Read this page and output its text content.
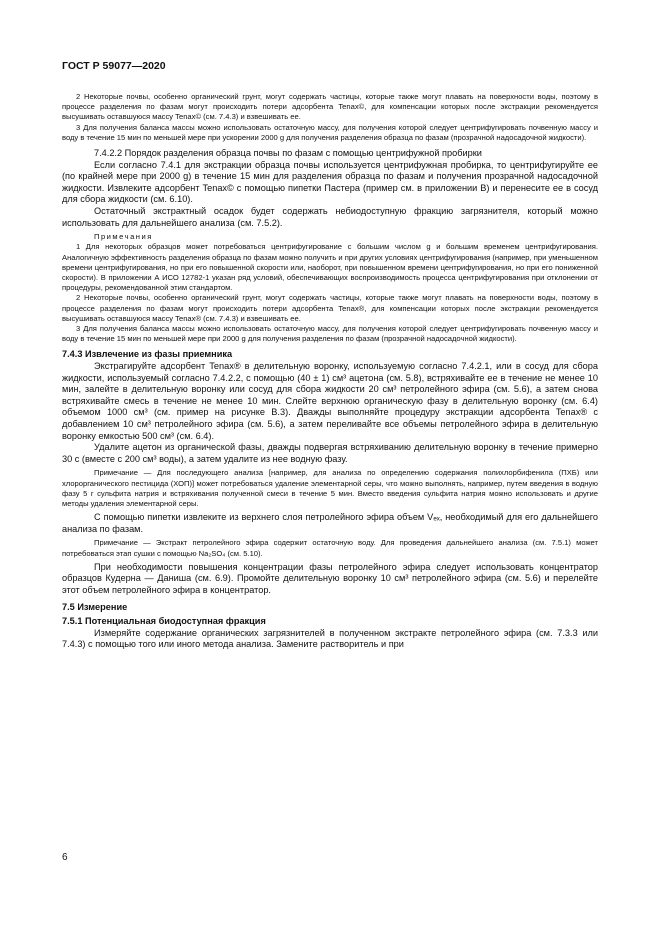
ГОСТ Р 59077—2020

2 Некоторые почвы, особенно органический грунт, могут содержать частицы, которые также могут плавать на поверхности воды, поэтому в процессе разделения по фазам могут происходить потери адсорбента Tenax©, для компенсации которых после экстракции рекомендуется высушивать оставшуюся массу Tenax© (см. 7.4.3) и взвешивать ее.

3 Для получения баланса массы можно использовать остаточную массу, для получения которой следует центрифугировать почвенную массу и воду в течение 15 мин по меньшей мере при ускорении 2000 g для получения разделения образца по фазам (прозрачной надосадочной жидкости).

7.4.2.2 Порядок разделения образца почвы по фазам с помощью центрифужной пробирки

Если согласно 7.4.1 для экстракции образца почвы используется центрифужная пробирка, то центрифугируйте ее (по крайней мере при 2000 g) в течение 15 мин для разделения образца по фазам и получения прозрачной надосадочной жидкости. Извлеките адсорбент Tenax© с помощью пипетки Пастера (пример см. в приложении В) и перенесите ее в сосуд для сбора жидкости (см. 6.10).

Остаточный экстрактный осадок будет содержать небиодоступную фракцию загрязнителя, который можно использовать для дальнейшего анализа (см. 7.5.2).

Примечания

1 Для некоторых образцов может потребоваться центрифугирование с большим числом g и большим временем центрифугирования. Аналогичную эффективность разделения образца по фазам можно получить и при других условиях центрифугирования (например, при уменьшенном времени центрифугирования, но при его повышенной скорости или, наоборот, при повышенном времени центрифугирования, но при его пониженной скорости). В приложении А ИСО 12782-1 указан ряд условий, обеспечивающих воспроизводимость процесса центрифугирования при отклонении от процедуры, рекомендованной этим стандартом.

2 Некоторые почвы, особенно органический грунт, могут содержать частицы, которые также могут плавать на поверхности воды, поэтому в процессе разделения по фазам могут происходить потери адсорбента Tenax®, для компенсации которых после экстракции рекомендуется высушивать оставшуюся массу Tenax® (см. 7.4.3) и взвешивать ее.

3 Для получения баланса массы можно использовать остаточную массу, для получения которой следует центрифугировать почвенную массу и воду в течение 15 мин по меньшей мере при 2000 g для получения разделения по фазам (прозрачной надосадочной жидкости).

7.4.3 Извлечение из фазы приемника

Экстрагируйте адсорбент Tenax® в делительную воронку, используемую согласно 7.4.2.1, или в сосуд для сбора жидкости, используемый согласно 7.4.2.2, с помощью (40 ± 1) см³ ацетона (см. 5.8), встряхивайте ее в течение не менее 10 мин, залейте в делительную воронку или сосуд для сбора жидкости 20 см³ петролейного эфира (см. 5.6), а затем снова встряхивайте смесь в течение не менее 10 мин. Слейте верхнюю органическую фазу в делительную воронку (см. 6.4) объемом 1000 см³ (см. пример на рисунке В.3). Дважды выполняйте процедуру экстракции адсорбента Tenax® с добавлением 10 см³ петролейного эфира (см. 5.6), а затем переливайте все объемы петролейного эфира в делительную воронку емкостью 500 см³ (см. 6.4).

Удалите ацетон из органической фазы, дважды подвергая встряхиванию делительную воронку в течение примерно 30 с (вместе с 200 см³ воды), а затем удалите из нее водную фазу.

Примечание — Для последующего анализа [например, для анализа по определению содержания полихлорбифенила (ПХБ) или хлорорганического пестицида (ХОП)] может потребоваться удаление элементарной серы, что можно выполнять, например, путем введения в водную фазу 5 г сульфита натрия и встряхивания полученной смеси в течение 5 мин. Вместо введения сульфита натрия можно использовать и другие методы удаления элементарной серы.

С помощью пипетки извлеките из верхнего слоя петролейного эфира объем Vₑₓ, необходимый для его дальнейшего анализа по фазам.

Примечание — Экстракт петролейного эфира содержит остаточную воду. Для проведения дальнейшего анализа (см. 7.5.1) может потребоваться этап сушки с помощью Na₂SO₄ (см. 5.10).

При необходимости повышения концентрации фазы петролейного эфира следует использовать концентратор образцов Кудерна — Даниша (см. 6.9). Промойте делительную воронку 10 см³ петролейного эфира (см. 5.6) и перелейте этот объем петролейного эфира в концентратор.

7.5 Измерение

7.5.1 Потенциальная биодоступная фракция

Измеряйте содержание органических загрязнителей в полученном экстракте петролейного эфира (см. 7.3.3 или 7.4.3) с помощью того или иного метода анализа. Замените растворитель и при

6
